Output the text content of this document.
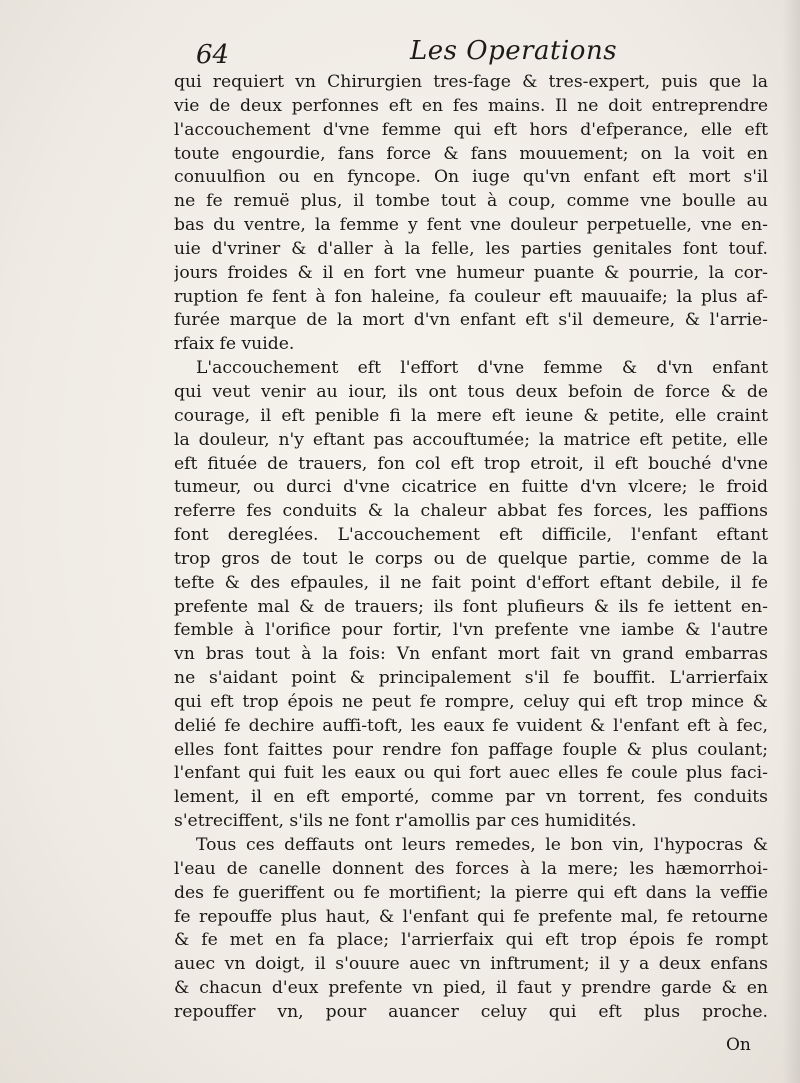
64	Les Operations
qui requiert vn Chirurgien tres-fage & tres-expert, puis que la
vie de deux perfonnes eft en fes mains. Il ne doit entreprendre
l'accouchement d'vne femme qui eft hors d'efperance, elle eft
toute engourdie, fans force & fans mouuement; on la voit en
conuulfion ou en fyncope. On iuge qu'vn enfant eft mort s'il
ne fe remuë plus, il tombe tout à coup, comme vne boulle au
bas du ventre, la femme y fent vne douleur perpetuelle, vne en-
uie d'vriner & d'aller à la felle, les parties genitales font touf.
jours froides & il en fort vne humeur puante & pourrie, la cor-
ruption fe fent à fon haleine, fa couleur eft mauuaife; la plus af-
furée marque de la mort d'vn enfant eft s'il demeure, & l'arrie-
rfaix fe vuide.
L'accouchement eft l'effort d'vne femme & d'vn enfant
qui veut venir au iour, ils ont tous deux befoin de force & de
courage, il eft penible fi la mere eft ieune & petite, elle craint
la douleur, n'y eftant pas accouftumée; la matrice eft petite, elle
eft fituée de trauers, fon col eft trop etroit, il eft bouché d'vne
tumeur, ou durci d'vne cicatrice en fuitte d'vn vlcere; le froid
referre fes conduits & la chaleur abbat fes forces, les paffions
font dereglées. L'accouchement eft difficile, l'enfant eftant
trop gros de tout le corps ou de quelque partie, comme de la
tefte & des efpaules, il ne fait point d'effort eftant debile, il fe
prefente mal & de trauers; ils font plufieurs & ils fe iettent en-
femble à l'orifice pour fortir, l'vn prefente vne iambe & l'autre
vn bras tout à la fois: Vn enfant mort fait vn grand embarras
ne s'aidant point & principalement s'il fe bouffit. L'arrierfaix
qui eft trop épois ne peut fe rompre, celuy qui eft trop mince &
delié fe dechire auffi-toft, les eaux fe vuident & l'enfant eft à fec,
elles font faittes pour rendre fon paffage fouple & plus coulant;
l'enfant qui fuit les eaux ou qui fort auec elles fe coule plus faci-
lement, il en eft emporté, comme par vn torrent, fes conduits
s'etreciffent, s'ils ne font r'amollis par ces humidités.
Tous ces deffauts ont leurs remedes, le bon vin, l'hypocras &
l'eau de canelle donnent des forces à la mere; les hæmorrhoi-
des fe gueriffent ou fe mortifient; la pierre qui eft dans la veffie
fe repouffe plus haut, & l'enfant qui fe prefente mal, fe retourne
& fe met en fa place; l'arrierfaix qui eft trop épois fe rompt
auec vn doigt, il s'ouure auec vn inftrument; il y a deux enfans
& chacun d'eux prefente vn pied, il faut y prendre garde & en
repouffer vn, pour auancer celuy qui eft plus proche.
On
